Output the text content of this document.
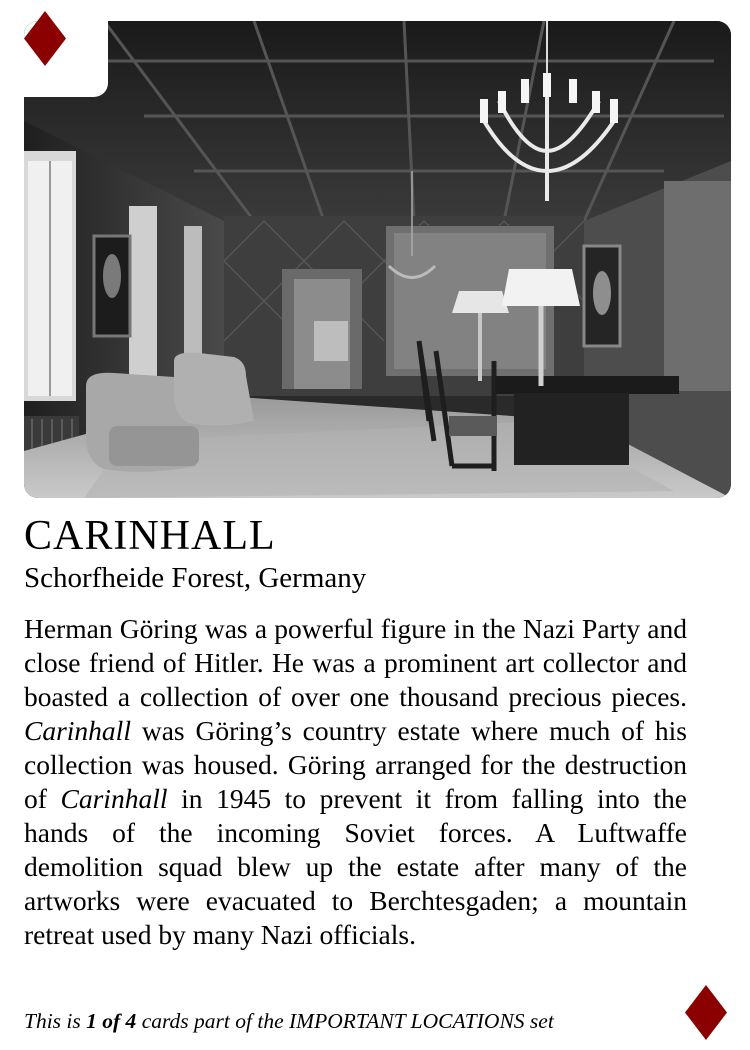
CARINHALL
Schorfheide Forest, Germany

Herman Göring was a powerful figure in the Nazi Party and close friend of Hitler. He was a prominent art collector and boasted a collection of over one thousand precious pieces. Carinhall was Göring’s country estate where much of his collection was housed. Göring arranged for the destruction of Carinhall in 1945 to prevent it from falling into the hands of the incoming Soviet forces. A Luftwaffe demolition squad blew up the estate after many of the artworks were evacuated to Berchtesgaden; a mountain retreat used by many Nazi officials.

This is 1 of 4 cards part of the IMPORTANT LOCATIONS set
